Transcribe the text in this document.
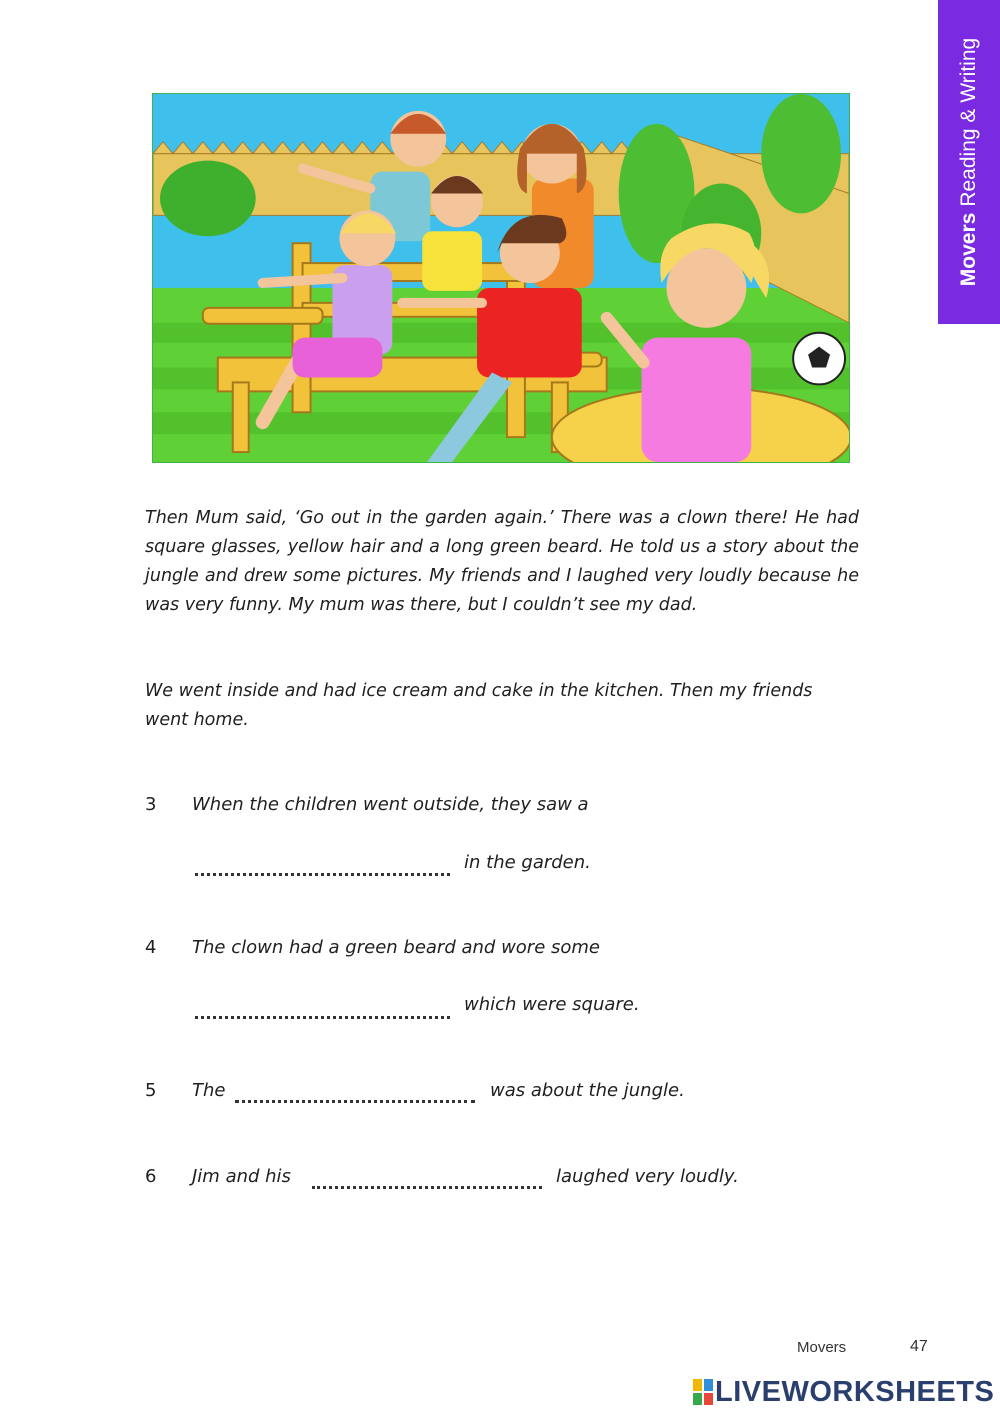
MoversReading & Writing

Then Mum said, ‘Go out in the garden again.’ There was a clown there! He had square glasses, yellow hair and a long green beard. He told us a story about the jungle and drew some pictures. My friends and I laughed very loudly because he was very funny. My mum was there, but I couldn’t see my dad.

We went inside and had ice cream and cake in the kitchen. Then my friends went home.

3 When the children went outside, they saw a
in the garden.
4 The clown had a green beard and wore some
which were square.
5 The	was about the jungle.
6 Jim and his	laughed very loudly.
Movers	47
LIVEWORKSHEETS
